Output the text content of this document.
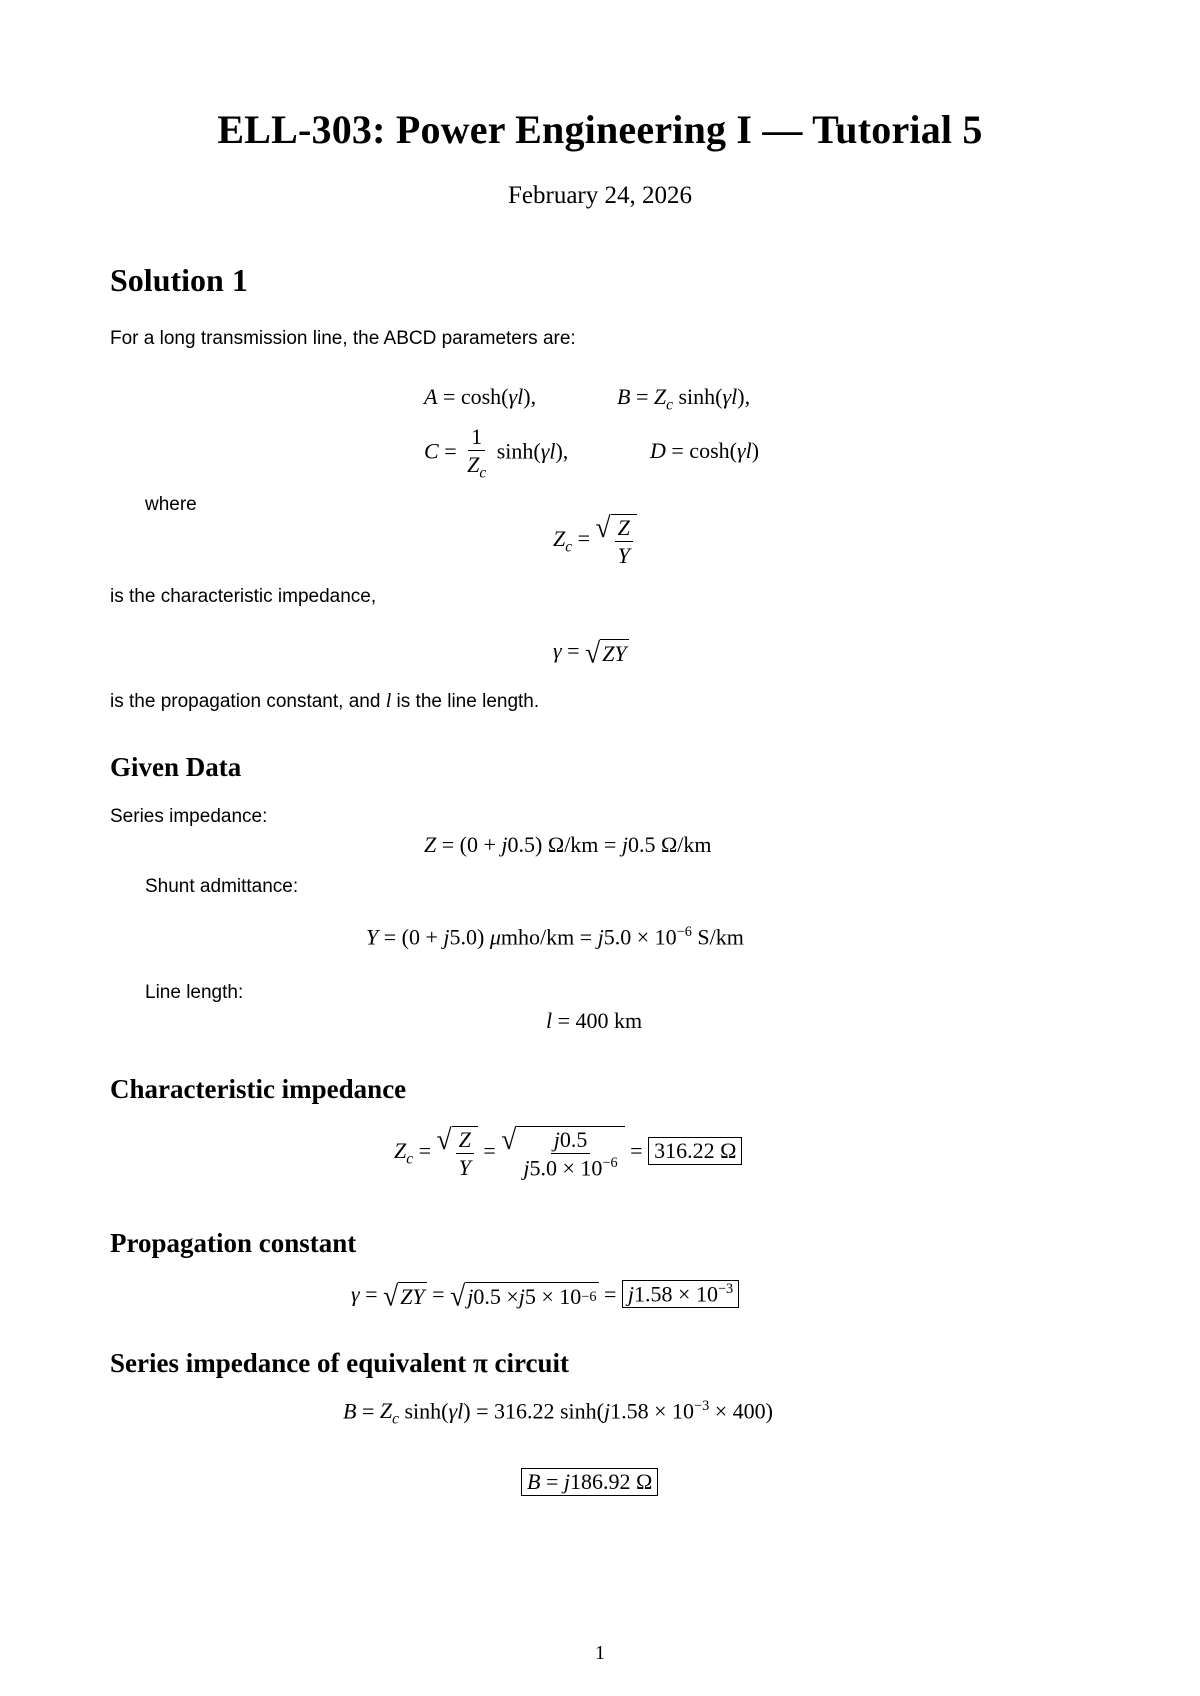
ELL-303: Power Engineering I — Tutorial 5
February 24, 2026
Solution 1
For a long transmission line, the ABCD parameters are:
A = cosh(γl),	$B = Z_c$ sinh(γl),
$C = \frac{1}{Z_c} \sinh(\gamma l)$,	D = cosh(γl)
where
$Z_c$ = √ $\frac{Z}{Y}$
is the characteristic impedance,
γ = √ ZY
is the propagation constant, and l is the line length.
Given Data
Series impedance:
Z = (0 + j0.5) Ω/km = j0.5 Ω/km
Shunt admittance:
Y = (0 + j5.0) $\mu mho/km = j5.0 \times 10^{-6}$ S/km
Line length:
l = 400 km
Characteristic impedance
$Z_c$ = √ $\frac{Z}{Y}$ = √ $\frac{j0.5}{j5.0 \times 10^{-6}} = 316.22$ Ω
Propagation constant
γ = √ ZY = √ j 0.5 × j $5 \times 10 -6 = j1.58 \times 10^{-3}$
Series impedance of equivalent π circuit
$B = Z_c$ sinh(γl) = 316.22 $\sinh(j1.58 \times 10^{-3} \times 400)$
B = j186.92 Ω
1
